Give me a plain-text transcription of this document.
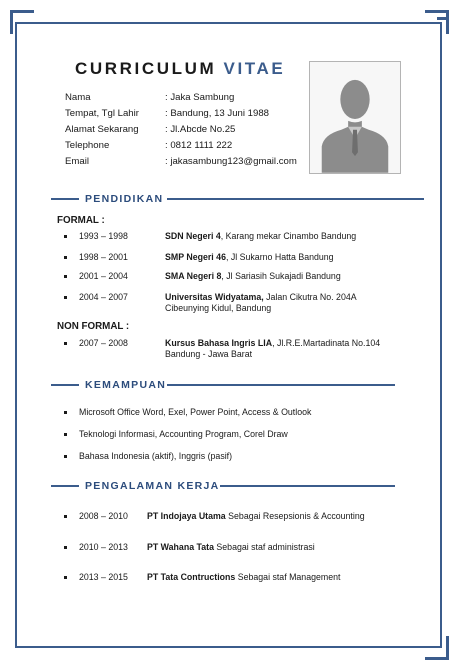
CURRICULUM VITAE
Nama	: Jaka Sambung
Tempat, Tgl Lahir	: Bandung, 13 Juni 1988
Alamat Sekarang	: Jl.Abcde No.25
Telephone	: 0812 1111 222
Email	: jakasambung123@gmail.com
PENDIDIKAN
FORMAL :
1993 – 1998	SDN Negeri 4, Karang mekar Cinambo Bandung
1998 – 2001	SMP Negeri 46, Jl Sukarno Hatta Bandung
2001 – 2004	SMA Negeri 8, Jl Sariasih Sukajadi Bandung
2004 – 2007	Universitas Widyatama, Jalan Cikutra No. 204A
Cibeunying Kidul, Bandung
NON FORMAL :
2007 – 2008	Kursus Bahasa Ingris LIA, Jl.R.E.Martadinata No.104
Bandung - Jawa Barat
KEMAMPUAN
Microsoft Office Word, Exel, Power Point, Access & Outlook
Teknologi Informasi, Accounting Program, Corel Draw
Bahasa Indonesia (aktif), Inggris (pasif)
PENGALAMAN KERJA
2008 – 2010 PT Indojaya Utama Sebagai Resepsionis & Accounting
2010 – 2013 PT Wahana Tata Sebagai staf administrasi
2013 – 2015 PT Tata Contructions Sebagai staf Management
